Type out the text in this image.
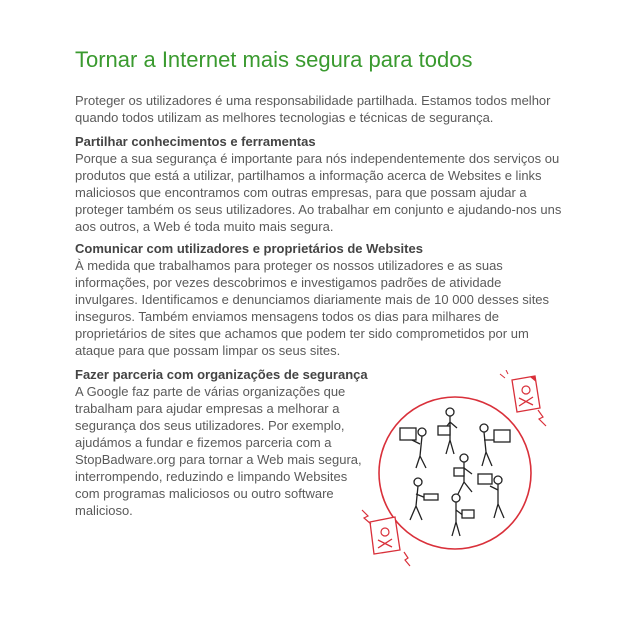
Tornar a Internet mais segura para todos

Proteger os utilizadores é uma responsabilidade partilhada. Estamos todos melhor quando todos utilizam as melhores tecnologias e técnicas de segurança.

Partilhar conhecimentos e ferramentas
Porque a sua segurança é importante para nós independentemente dos serviços ou produtos que está a utilizar, partilhamos a informação acerca de Websites e links maliciosos que encontramos com outras empresas, para que possam ajudar a proteger também os seus utilizadores. Ao trabalhar em conjunto e ajudando-nos uns aos outros, a Web é toda muito mais segura.
Comunicar com utilizadores e proprietários de Websites
À medida que trabalhamos para proteger os nossos utilizadores e as suas informações, por vezes descobrimos e investigamos padrões de atividade invulgares. Identificamos e denunciamos diariamente mais de 10 000 desses sites inseguros. Também enviamos mensagens todos os dias para milhares de proprietários de sites que achamos que podem ter sido comprometidos por um ataque para que possam limpar os seus sites.
Fazer parceria com organizações de segurança
A Google faz parte de várias organizações que trabalham para ajudar empresas a melhorar a segurança dos seus utilizadores. Por exemplo, ajudámos a fundar e fizemos parceria com a StopBadware.org para tornar a Web mais segura, interrompendo, reduzindo e limpando Websites com programas maliciosos ou outro software malicioso.
